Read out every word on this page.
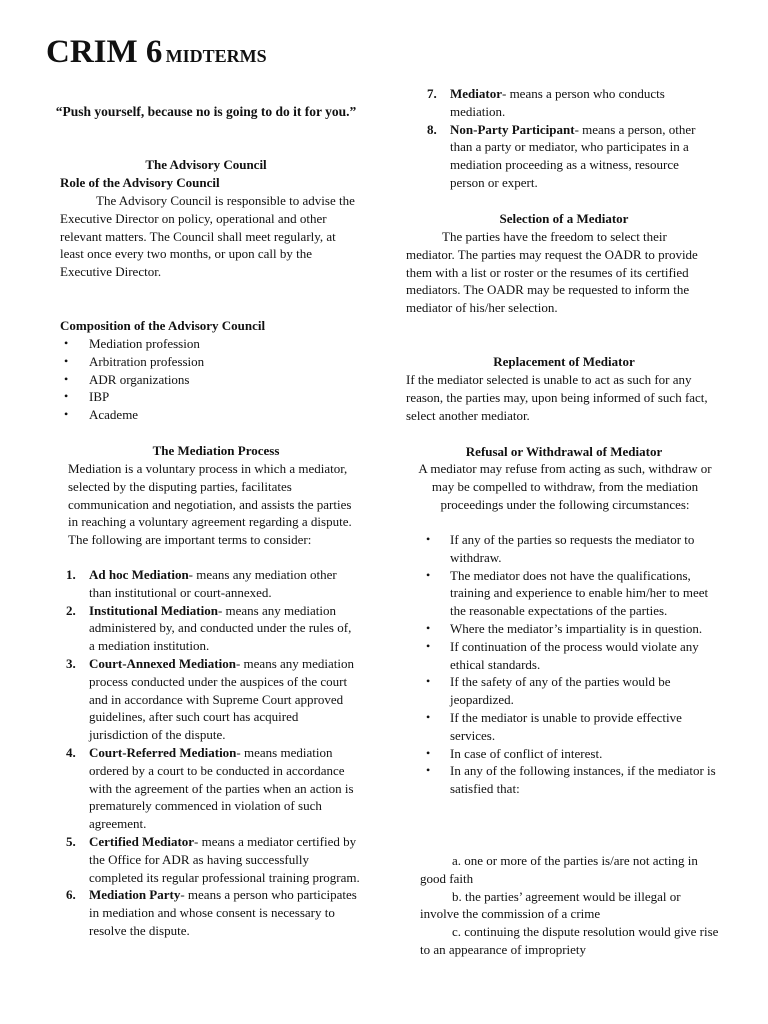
CRIM 6 MIDTERMS
“Push yourself, because no is going to do it for you.”
The Advisory Council
Role of the Advisory Council

The Advisory Council is responsible to advise the Executive Director on policy, operational and other relevant matters. The Council shall meet regularly, at least once every two months, or upon call by the Executive Director.

Composition of the Advisory Council
• Mediation profession
• Arbitration profession
• ADR organizations
• IBP
• Academe
The Mediation Process

Mediation is a voluntary process in which a mediator, selected by the disputing parties, facilitates communication and negotiation, and assists the parties in reaching a voluntary agreement regarding a dispute. The following are important terms to consider:

1. Ad hoc Mediation- means any mediation other than institutional or court-annexed.
2. Institutional Mediation- means any mediation administered by, and conducted under the rules of, a mediation institution.
3. Court-Annexed Mediation- means any mediation process conducted under the auspices of the court and in accordance with Supreme Court approved guidelines, after such court has acquired jurisdiction of the dispute.
4. Court-Referred Mediation- means mediation ordered by a court to be conducted in accordance with the agreement of the parties when an action is prematurely commenced in violation of such agreement.
5. Certified Mediator- means a mediator certified by the Office for ADR as having successfully completed its regular professional training program.
6. Mediation Party- means a person who participates in mediation and whose consent is necessary to resolve the dispute.
7. Mediator- means a person who conducts mediation.
8. Non-Party Participant- means a person, other than a party or mediator, who participates in a mediation proceeding as a witness, resource person or expert.
Selection of a Mediator

The parties have the freedom to select their mediator. The parties may request the OADR to provide them with a list or roster or the resumes of its certified mediators. The OADR may be requested to inform the mediator of his/her selection.

Replacement of Mediator

If the mediator selected is unable to act as such for any reason, the parties may, upon being informed of such fact, select another mediator.

Refusal or Withdrawal of Mediator

A mediator may refuse from acting as such, withdraw or may be compelled to withdraw, from the mediation proceedings under the following circumstances:

• If any of the parties so requests the mediator to withdraw.
• The mediator does not have the qualifications, training and experience to enable him/her to meet the reasonable expectations of the parties.
• Where the mediator’s impartiality is in question.
• If continuation of the process would violate any ethical standards.
• If the safety of any of the parties would be jeopardized.
• If the mediator is unable to provide effective services.
• In case of conflict of interest.
• In any of the following instances, if the mediator is satisfied that:

a. one or more of the parties is/are not acting in good faith

b. the parties’ agreement would be illegal or involve the commission of a crime

c. continuing the dispute resolution would give rise to an appearance of impropriety
